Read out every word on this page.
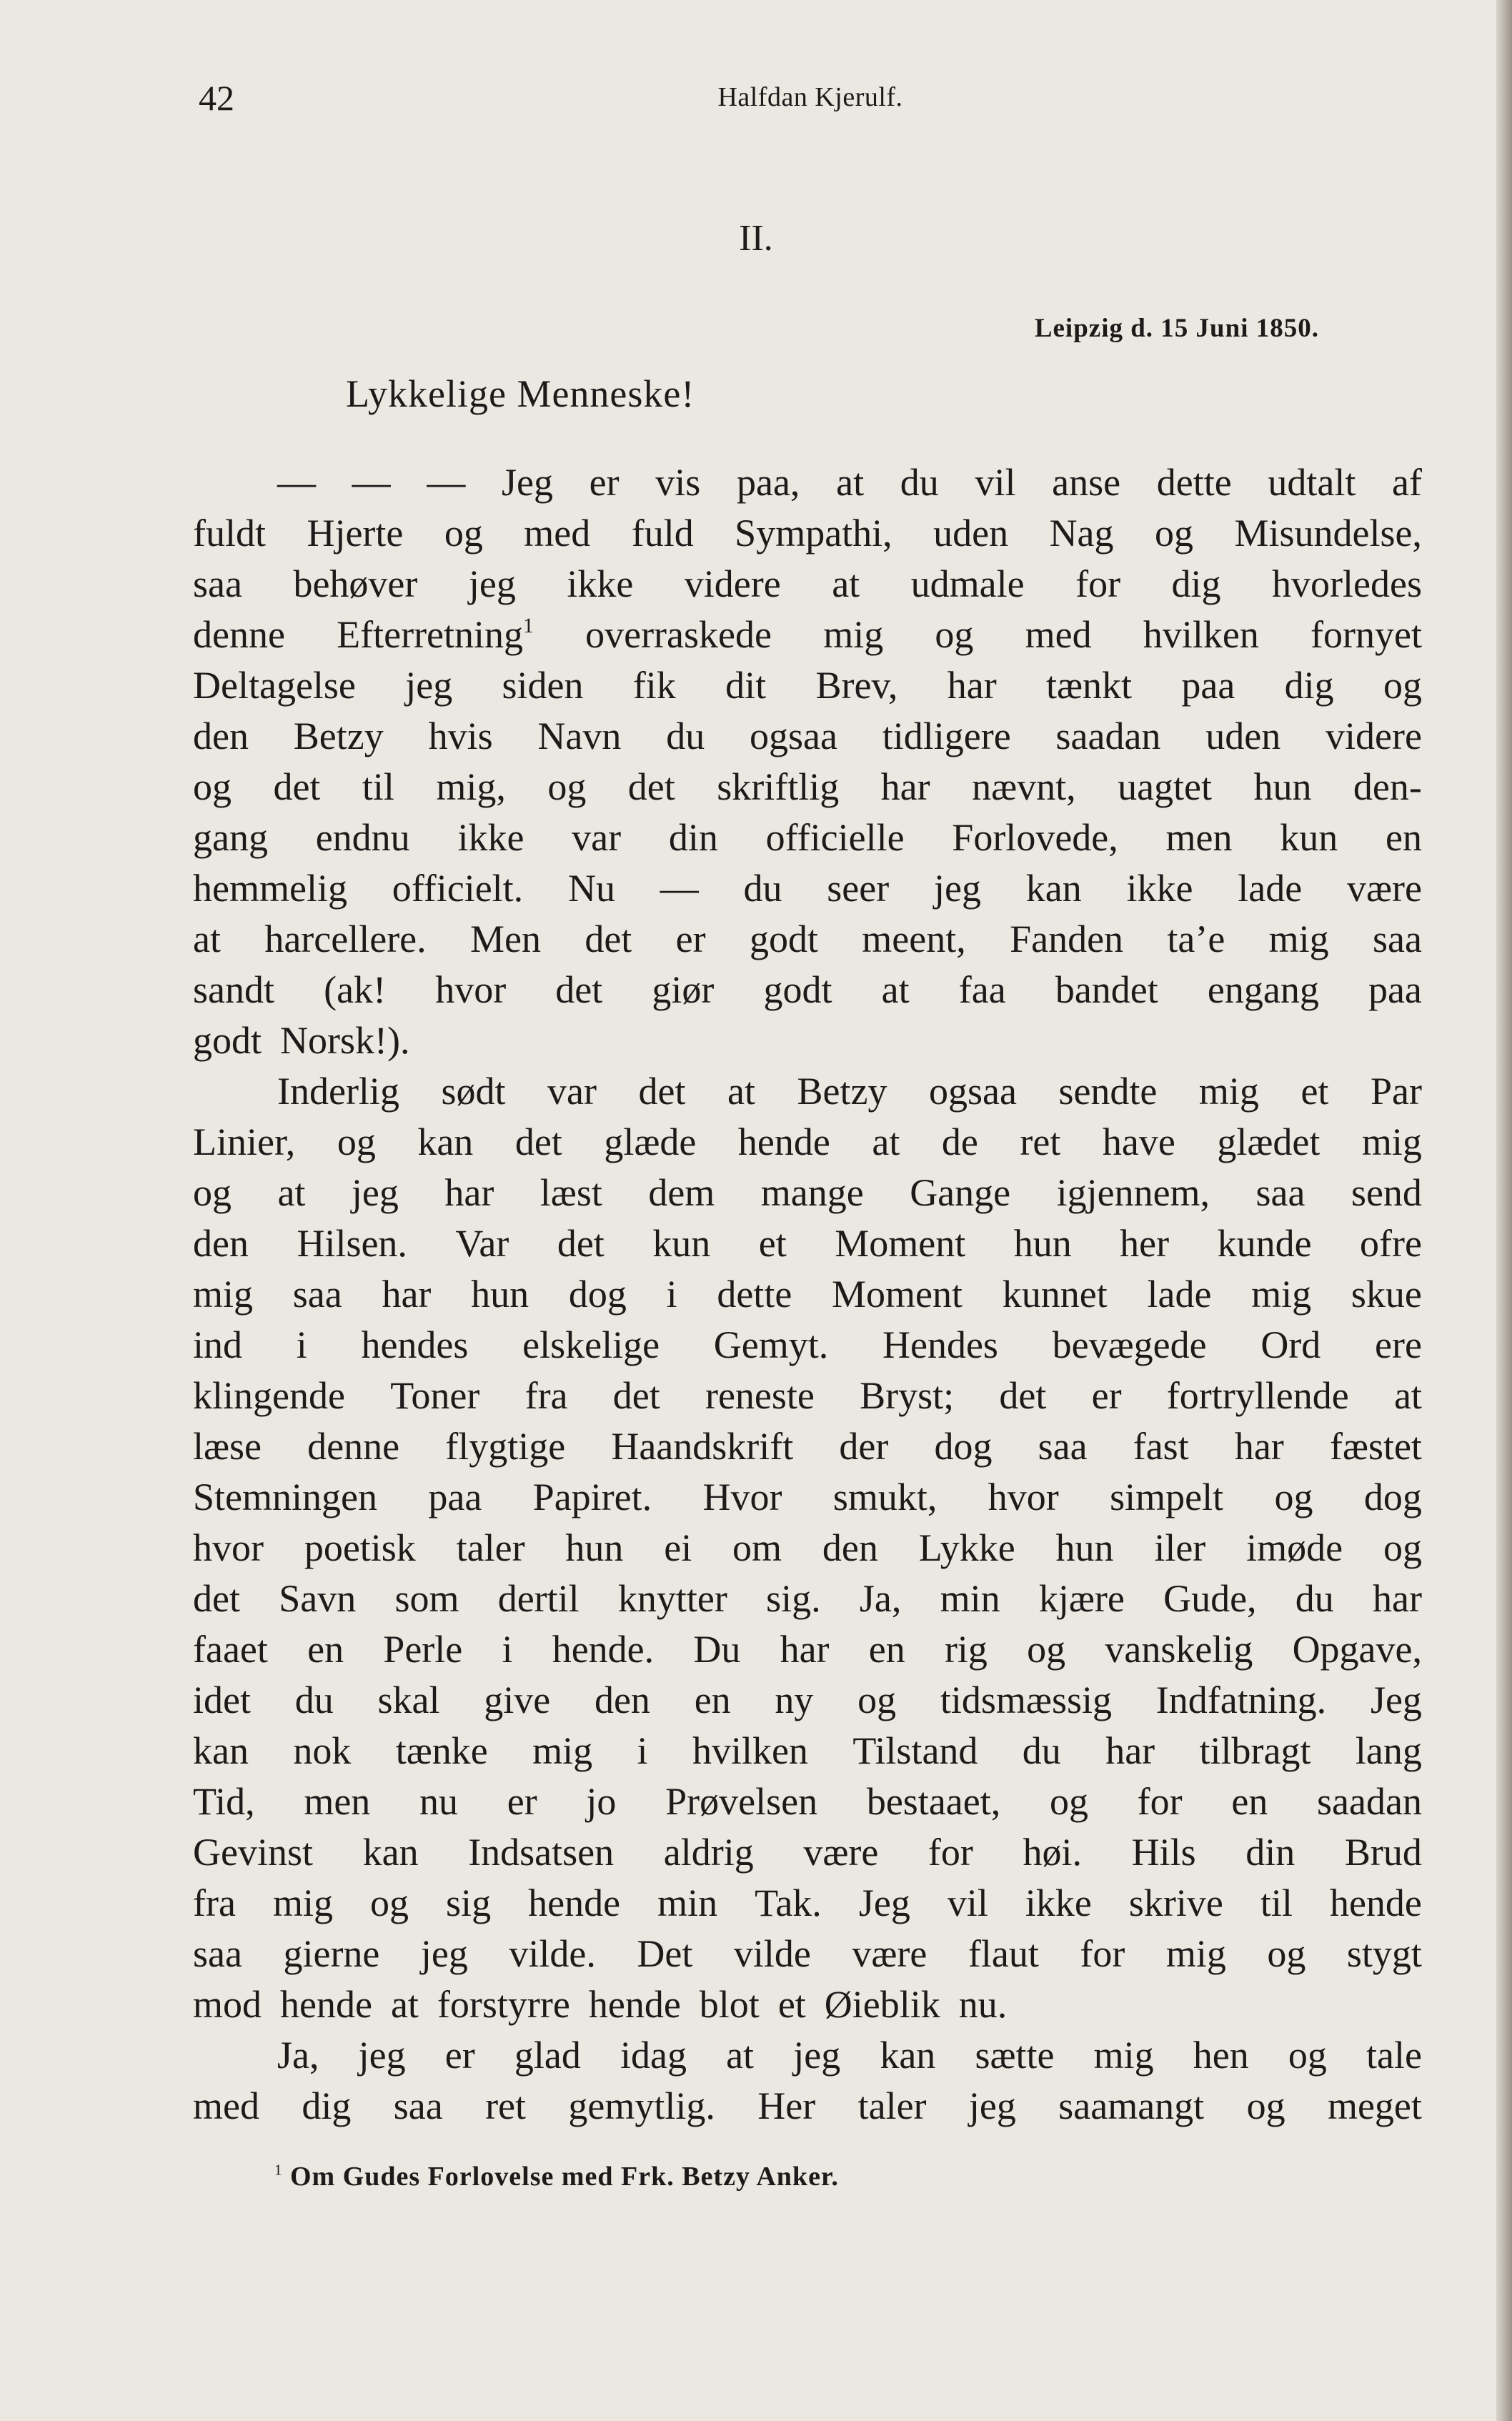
42	Halfdan Kjerulf.
II.
Leipzig d. 15 Juni 1850.
Lykkelige Menneske!
— — — Jeg er vis paa, at du vil anse dette udtalt af
fuldt Hjerte og med fuld Sympathi, uden Nag og Misundelse,
saa behøver jeg ikke videre at udmale for dig hvorledes
denne Efterretning$^1$ overraskede mig og med hvilken fornyet
Deltagelse jeg siden fik dit Brev, har tænkt paa dig og
den Betzy hvis Navn du ogsaa tidligere saadan uden videre
og det til mig, og det skriftlig har nævnt, uagtet hun den-
gang endnu ikke var din officielle Forlovede, men kun en
hemmelig officielt. Nu — du seer jeg kan ikke lade være
at harcellere. Men det er godt meent, Fanden ta’e mig saa
sandt (ak! hvor det giør godt at faa bandet engang paa
godt Norsk!).
Inderlig sødt var det at Betzy ogsaa sendte mig et Par
Linier, og kan det glæde hende at de ret have glædet mig
og at jeg har læst dem mange Gange igjennem, saa send
den Hilsen. Var det kun et Moment hun her kunde ofre
mig saa har hun dog i dette Moment kunnet lade mig skue
ind i hendes elskelige Gemyt. Hendes bevægede Ord ere
klingende Toner fra det reneste Bryst; det er fortryllende at
læse denne flygtige Haandskrift der dog saa fast har fæstet
Stemningen paa Papiret. Hvor smukt, hvor simpelt og dog
hvor poetisk taler hun ei om den Lykke hun iler imøde og
det Savn som dertil knytter sig. Ja, min kjære Gude, du har
faaet en Perle i hende. Du har en rig og vanskelig Opgave,
idet du skal give den en ny og tidsmæssig Indfatning. Jeg
kan nok tænke mig i hvilken Tilstand du har tilbragt lang
Tid, men nu er jo Prøvelsen bestaaet, og for en saadan
Gevinst kan Indsatsen aldrig være for høi. Hils din Brud
fra mig og sig hende min Tak. Jeg vil ikke skrive til hende
saa gierne jeg vilde. Det vilde være flaut for mig og stygt
mod hende at forstyrre hende blot et Øieblik nu.
Ja, jeg er glad idag at jeg kan sætte mig hen og tale
med dig saa ret gemytlig. Her taler jeg saamangt og meget
$^1$ Om Gudes Forlovelse med Frk. Betzy Anker.
